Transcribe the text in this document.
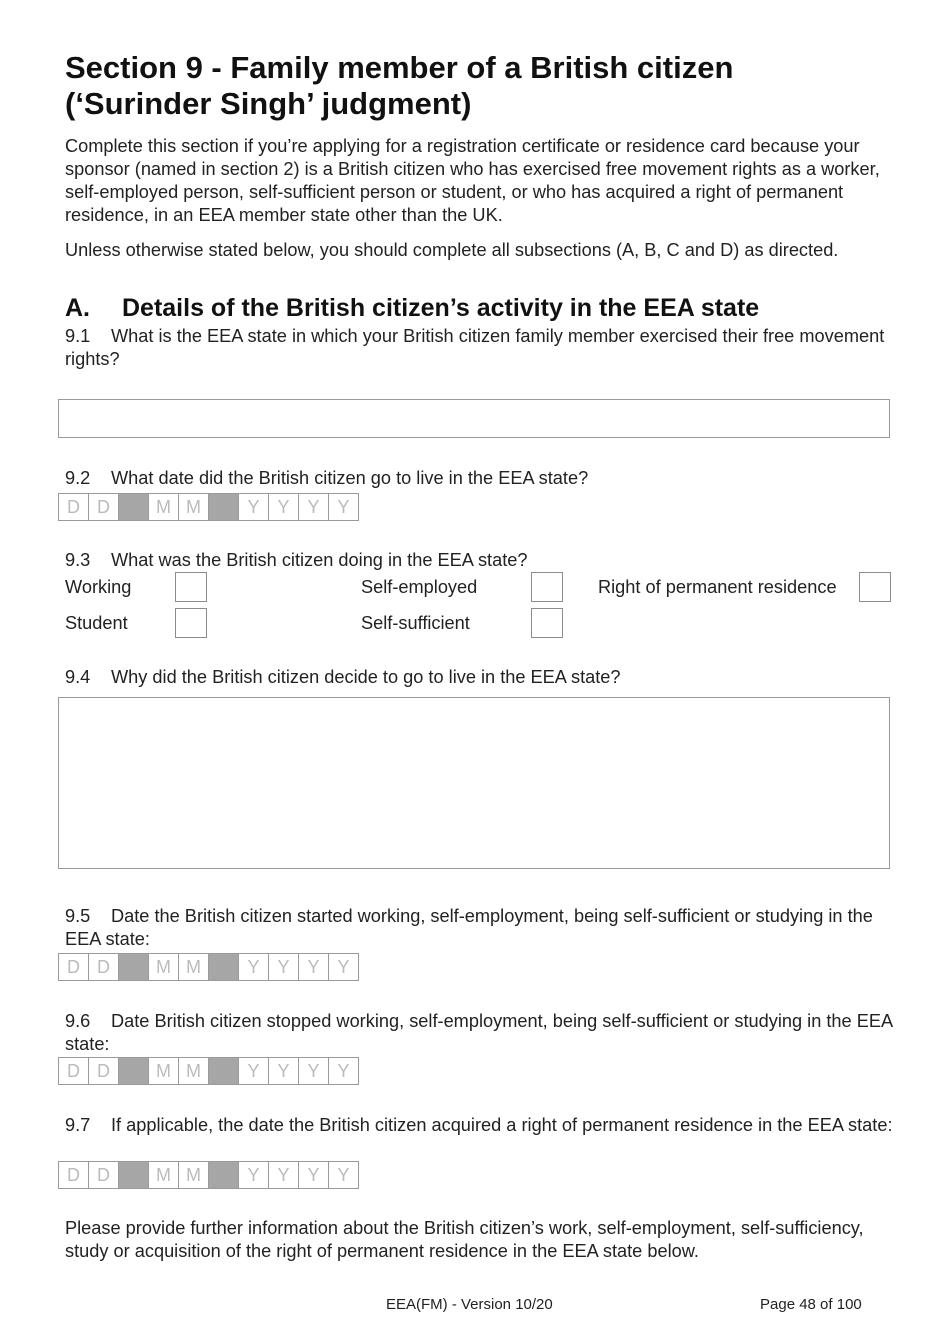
Section 9 - Family member of a British citizen
(‘Surinder Singh’ judgment)

Complete this section if you’re applying for a registration certificate or residence card because your sponsor (named in section 2) is a British citizen who has exercised free movement rights as a worker, self-employed person, self-sufficient person or student, or who has acquired a right of permanent residence, in an EEA member state other than the UK.

Unless otherwise stated below, you should complete all subsections (A, B, C and D) as directed.

A. Details of the British citizen’s activity in the EEA state

9.1 What is the EEA state in which your British citizen family member exercised their free movement rights?

9.2 What date did the British citizen go to live in the EEA state?

D D	M M	Y Y Y Y

9.3 What was the British citizen doing in the EEA state?

Working	Self-employed	Right of permanent residence
Student	Self-sufficient

9.4 Why did the British citizen decide to go to live in the EEA state?

9.5 Date the British citizen started working, self-employment, being self-sufficient or studying in the EEA state:

D D	M M	Y Y Y Y

9.6 Date British citizen stopped working, self-employment, being self-sufficient or studying in the EEA state:

D D	M M	Y Y Y Y

9.7 If applicable, the date the British citizen acquired a right of permanent residence in the EEA state:

D D	M M	Y Y Y Y

Please provide further information about the British citizen’s work, self-employment, self-sufficiency, study or acquisition of the right of permanent residence in the EEA state below.

EEA(FM) - Version 10/20	Page 48 of 100
